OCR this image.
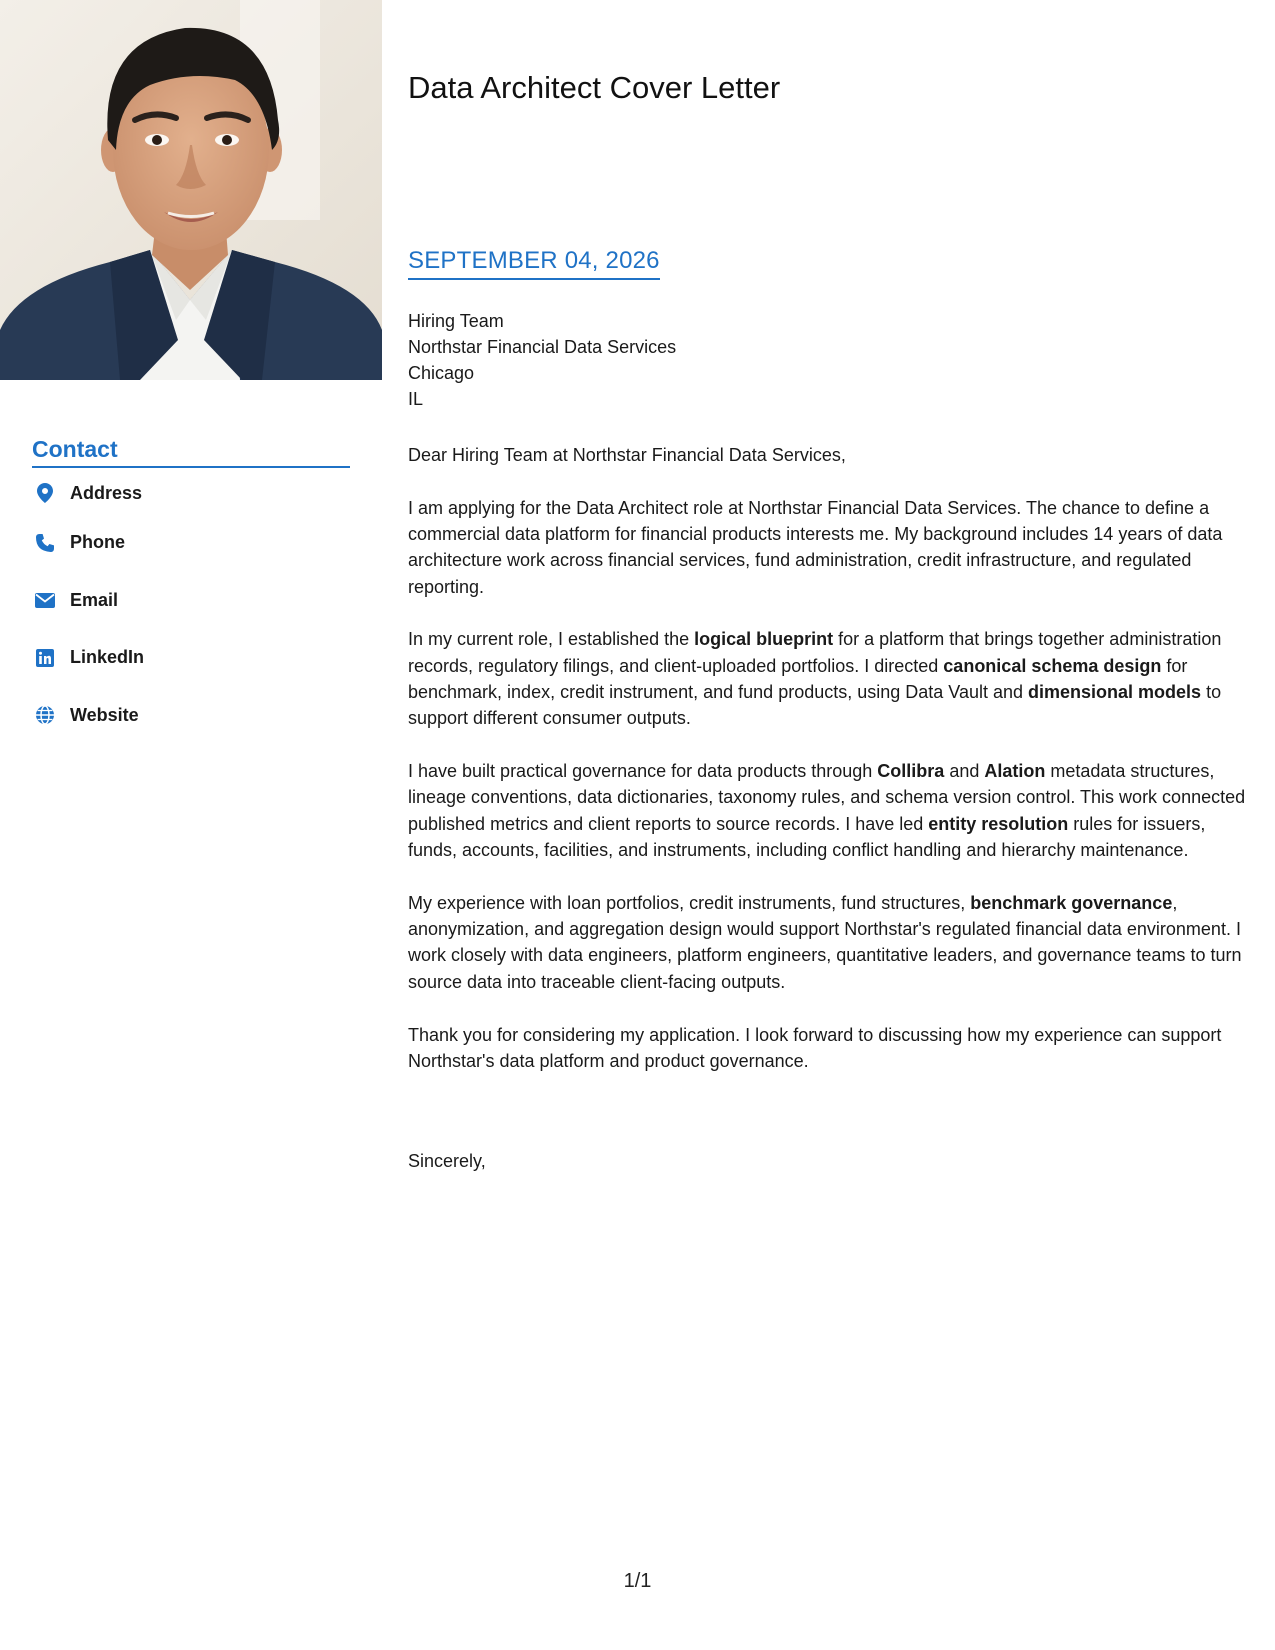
Contact
Address
Phone
Email
LinkedIn
Website
Data Architect Cover Letter
SEPTEMBER 04, 2026
Hiring Team
Northstar Financial Data Services
Chicago
IL

Dear Hiring Team at Northstar Financial Data Services,

I am applying for the Data Architect role at Northstar Financial Data Services. The chance to define a commercial data platform for financial products interests me. My background includes 14 years of data architecture work across financial services, fund administration, credit infrastructure, and regulated reporting.

In my current role, I established the logical blueprint for a platform that brings together administration records, regulatory filings, and client-uploaded portfolios. I directed canonical schema design for benchmark, index, credit instrument, and fund products, using Data Vault and dimensional models to support different consumer outputs.

I have built practical governance for data products through Collibra and Alation metadata structures, lineage conventions, data dictionaries, taxonomy rules, and schema version control. This work connected published metrics and client reports to source records. I have led entity resolution rules for issuers, funds, accounts, facilities, and instruments, including conflict handling and hierarchy maintenance.

My experience with loan portfolios, credit instruments, fund structures, benchmark governance, anonymization, and aggregation design would support Northstar's regulated financial data environment. I work closely with data engineers, platform engineers, quantitative leaders, and governance teams to turn source data into traceable client-facing outputs.

Thank you for considering my application. I look forward to discussing how my experience can support Northstar's data platform and product governance.

Sincerely,
1/1
